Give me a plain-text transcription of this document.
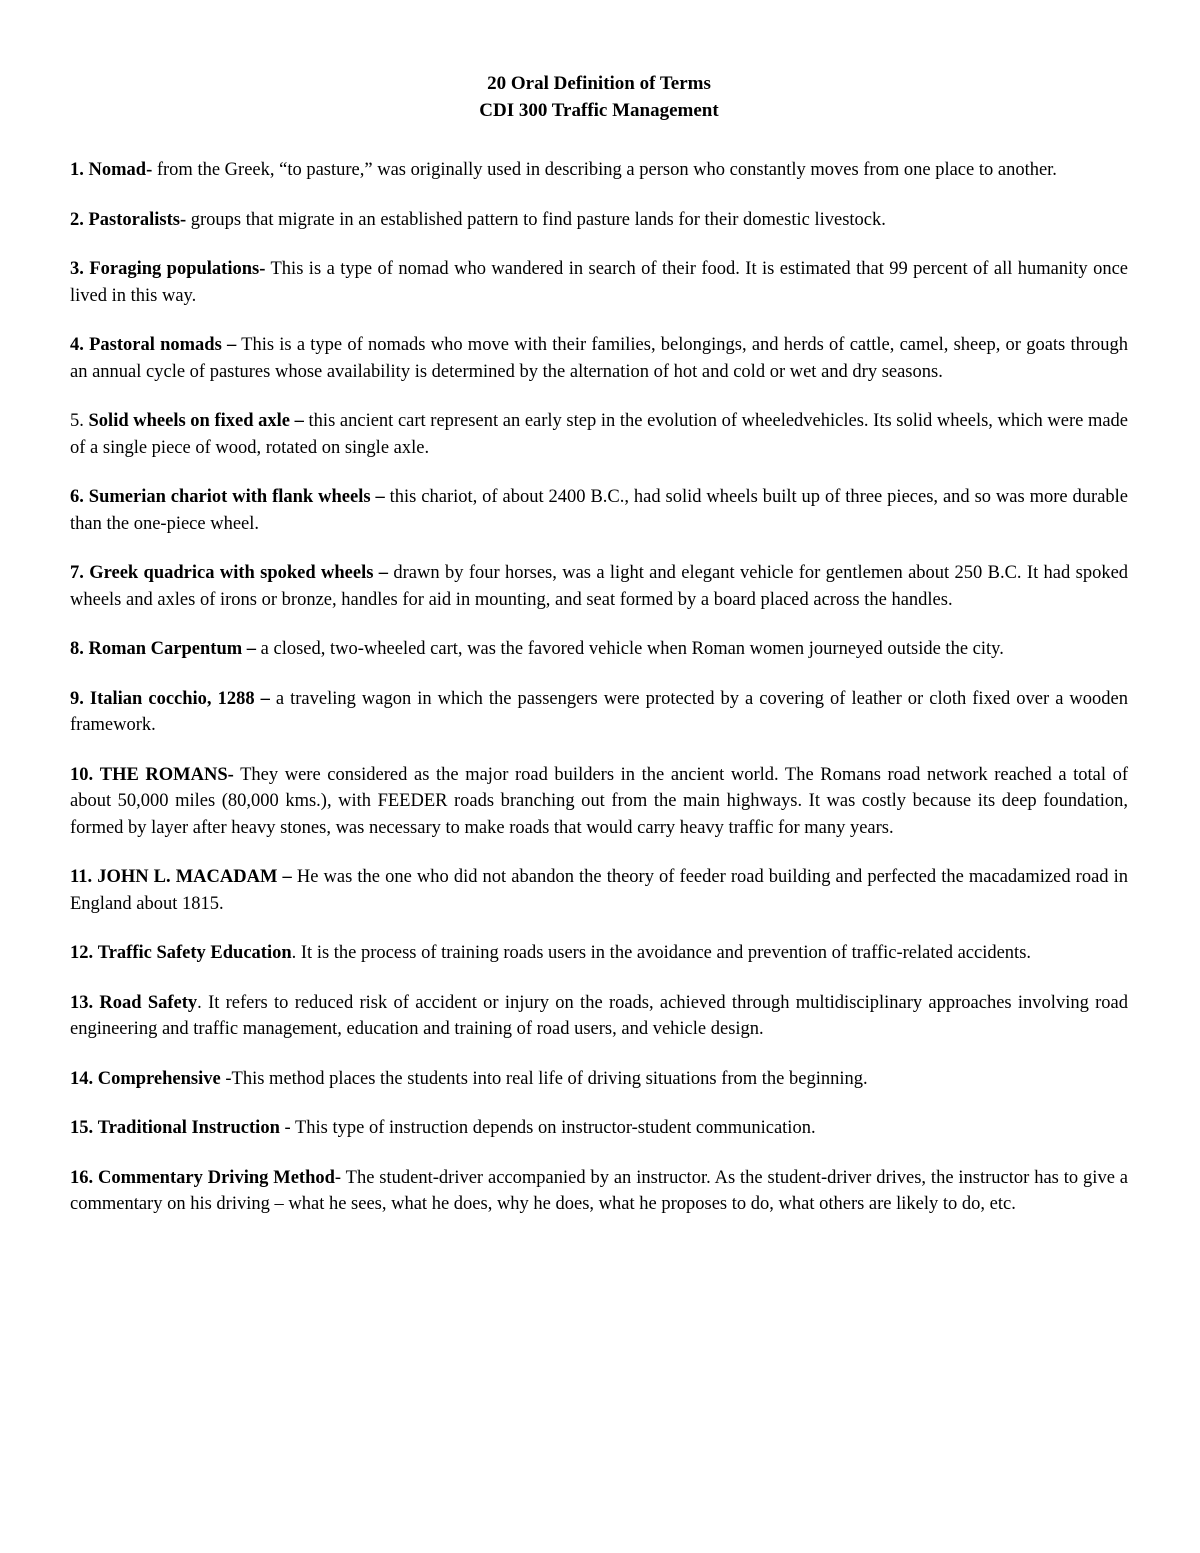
20 Oral Definition of Terms
CDI 300 Traffic Management

1. Nomad- from the Greek, “to pasture,” was originally used in describing a person who constantly moves from one place to another.

2. Pastoralists- groups that migrate in an established pattern to find pasture lands for their domestic livestock.

3. Foraging populations- This is a type of nomad who wandered in search of their food. It is estimated that 99 percent of all humanity once lived in this way.

4. Pastoral nomads – This is a type of nomads who move with their families, belongings, and herds of cattle, camel, sheep, or goats through an annual cycle of pastures whose availability is determined by the alternation of hot and cold or wet and dry seasons.

5. Solid wheels on fixed axle – this ancient cart represent an early step in the evolution of wheeledvehicles. Its solid wheels, which were made of a single piece of wood, rotated on single axle.

6. Sumerian chariot with flank wheels – this chariot, of about 2400 B.C., had solid wheels built up of three pieces, and so was more durable than the one-piece wheel.

7. Greek quadrica with spoked wheels – drawn by four horses, was a light and elegant vehicle for gentlemen about 250 B.C. It had spoked wheels and axles of irons or bronze, handles for aid in mounting, and seat formed by a board placed across the handles.

8. Roman Carpentum – a closed, two-wheeled cart, was the favored vehicle when Roman women journeyed outside the city.

9. Italian cocchio, 1288 – a traveling wagon in which the passengers were protected by a covering of leather or cloth fixed over a wooden framework.

10. THE ROMANS- They were considered as the major road builders in the ancient world. The Romans road network reached a total of about 50,000 miles (80,000 kms.), with FEEDER roads branching out from the main highways. It was costly because its deep foundation, formed by layer after heavy stones, was necessary to make roads that would carry heavy traffic for many years.

11. JOHN L. MACADAM – He was the one who did not abandon the theory of feeder road building and perfected the macadamized road in England about 1815.

12. Traffic Safety Education. It is the process of training roads users in the avoidance and prevention of traffic-related accidents.

13. Road Safety. It refers to reduced risk of accident or injury on the roads, achieved through multidisciplinary approaches involving road engineering and traffic management, education and training of road users, and vehicle design.

14. Comprehensive -This method places the students into real life of driving situations from the beginning.

15. Traditional Instruction - This type of instruction depends on instructor-student communication.

16. Commentary Driving Method- The student-driver accompanied by an instructor. As the student-driver drives, the instructor has to give a commentary on his driving – what he sees, what he does, why he does, what he proposes to do, what others are likely to do, etc.
